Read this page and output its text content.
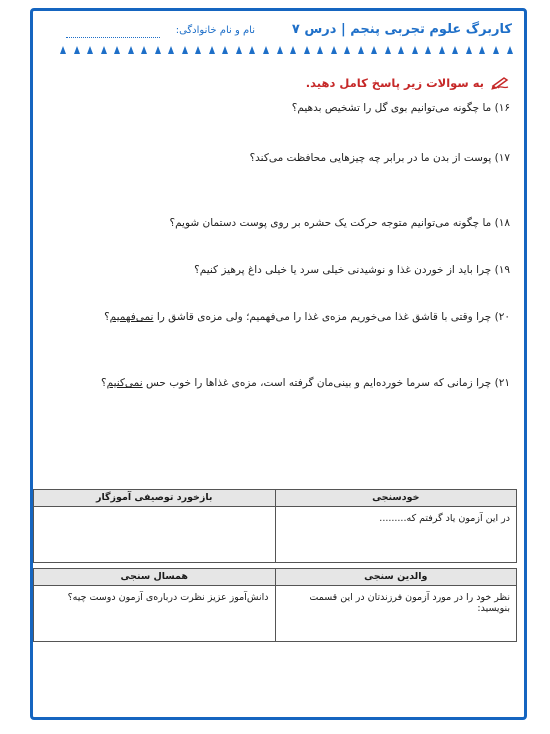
کاربرگ علوم تجربی پنجم | درس ۷
نام و نام خانوادگی:
به سوالات زیر پاسخ کامل دهید.
۱۶) ما چگونه می‌توانیم بوی گل را تشخیص بدهیم؟
۱۷) پوست از بدن ما در برابر چه چیزهایی محافظت می‌کند؟
۱۸) ما چگونه می‌توانیم متوجه حرکت یک حشره بر روی پوست دستمان شویم؟
۱۹) چرا باید از خوردن غذا و نوشیدنی خیلی سرد یا خیلی داغ پرهیز کنیم؟
۲۰) چرا وقتی با قاشق غذا می‌خوریم مزه‌ی غذا را می‌فهمیم؛ ولی مزه‌ی قاشق را نمی‌فهمیم؟
۲۱) چرا زمانی که سرما خورده‌ایم و بینی‌مان گرفته است، مزه‌ی غذاها را خوب حس نمی‌کنیم؟
خودسنجی	بازخورد توصیفی آموزگار
در این آزمون یاد گرفتم که.........	
والدین سنجی	همسال سنجی
نظر خود را در مورد آزمون فرزندتان در این قسمت بنویسید:	دانش‌آموز عزیز نظرت درباره‌ی آزمون دوست چیه؟
